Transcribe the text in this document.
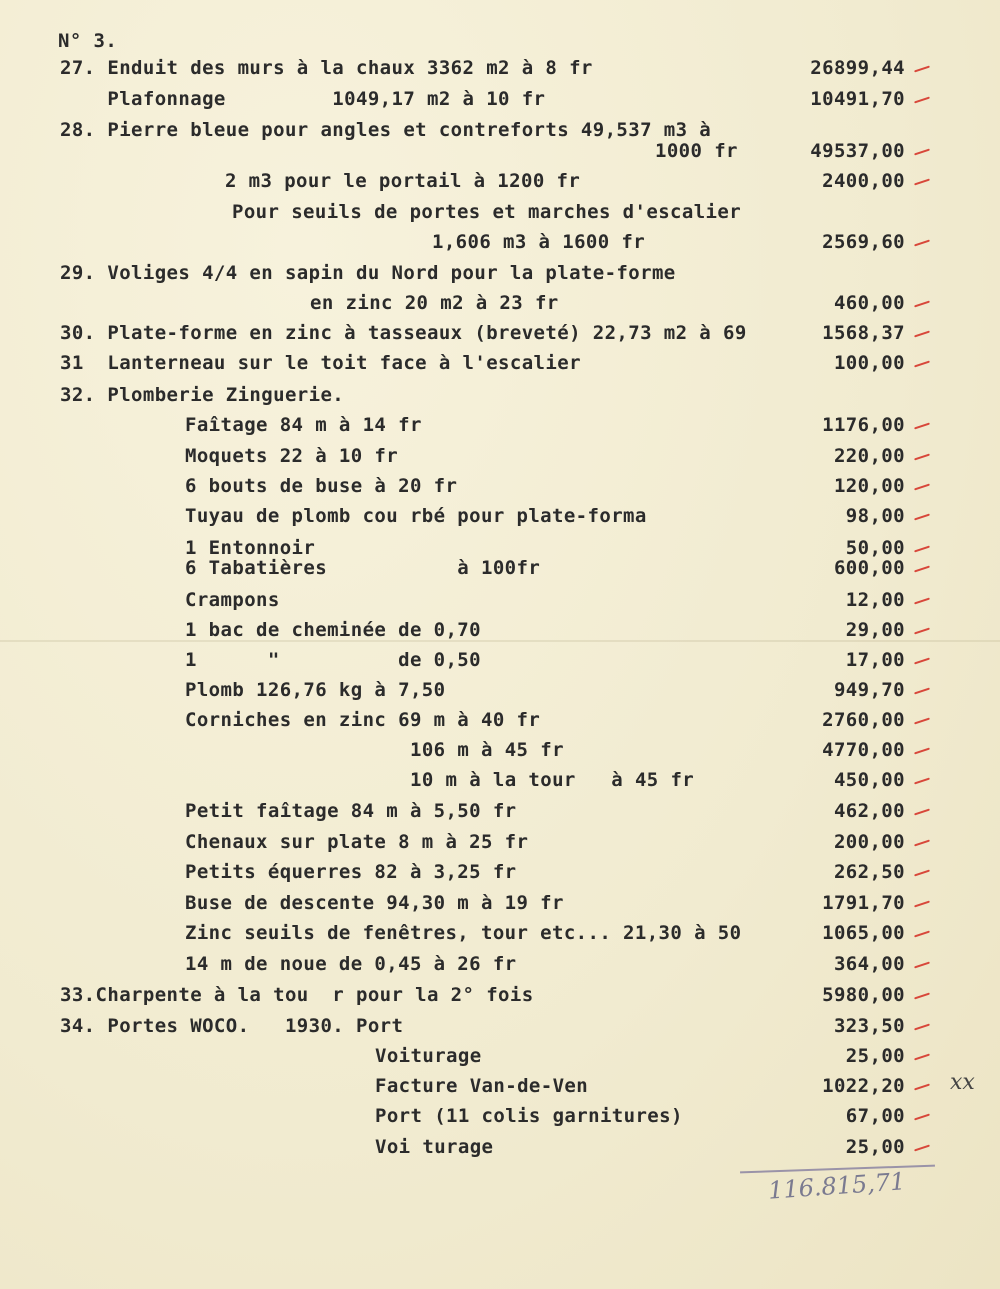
N° 3.
27. Enduit des murs à la chaux 3362 m2 à 8 fr	26899,44
Plafonnage         1049,17 m2 à 10 fr	10491,70
28. Pierre bleue pour angles et contreforts 49,537 m3 à
1000 fr	49537,00
2 m3 pour le portail à 1200 fr	2400,00
Pour seuils de portes et marches d'escalier
1,606 m3 à 1600 fr	2569,60
29. Voliges 4/4 en sapin du Nord pour la plate-forme
en zinc 20 m2 à 23 fr	460,00
30. Plate-forme en zinc à tasseaux (breveté) 22,73 m2 à 69	1568,37
31  Lanterneau sur le toit face à l'escalier	100,00
32. Plomberie Zinguerie.
Faîtage 84 m à 14 fr	1176,00
Moquets 22 à 10 fr	220,00
6 bouts de buse à 20 fr	120,00
Tuyau de plomb cou rbé pour plate-forma	98,00
1 Entonnoir	50,00
6 Tabatières           à 100fr	600,00
Crampons	12,00
1 bac de cheminée de 0,70	29,00
1      "          de 0,50	17,00
Plomb 126,76 kg à 7,50	949,70
Corniches en zinc 69 m à 40 fr	2760,00
106 m à 45 fr	4770,00
10 m à la tour   à 45 fr	450,00
Petit faîtage 84 m à 5,50 fr	462,00
Chenaux sur plate 8 m à 25 fr	200,00
Petits équerres 82 à 3,25 fr	262,50
Buse de descente 94,30 m à 19 fr	1791,70
Zinc seuils de fenêtres, tour etc... 21,30 à 50	1065,00
14 m de noue de 0,45 à 26 fr	364,00
33.Charpente à la tou  r pour la 2° fois	5980,00
34. Portes WOCO.   1930. Port	323,50
Voiturage	25,00
Facture Van-de-Ven	1022,20
Port (11 colis garnitures)	67,00
Voi turage	25,00
xx
116.815,71
